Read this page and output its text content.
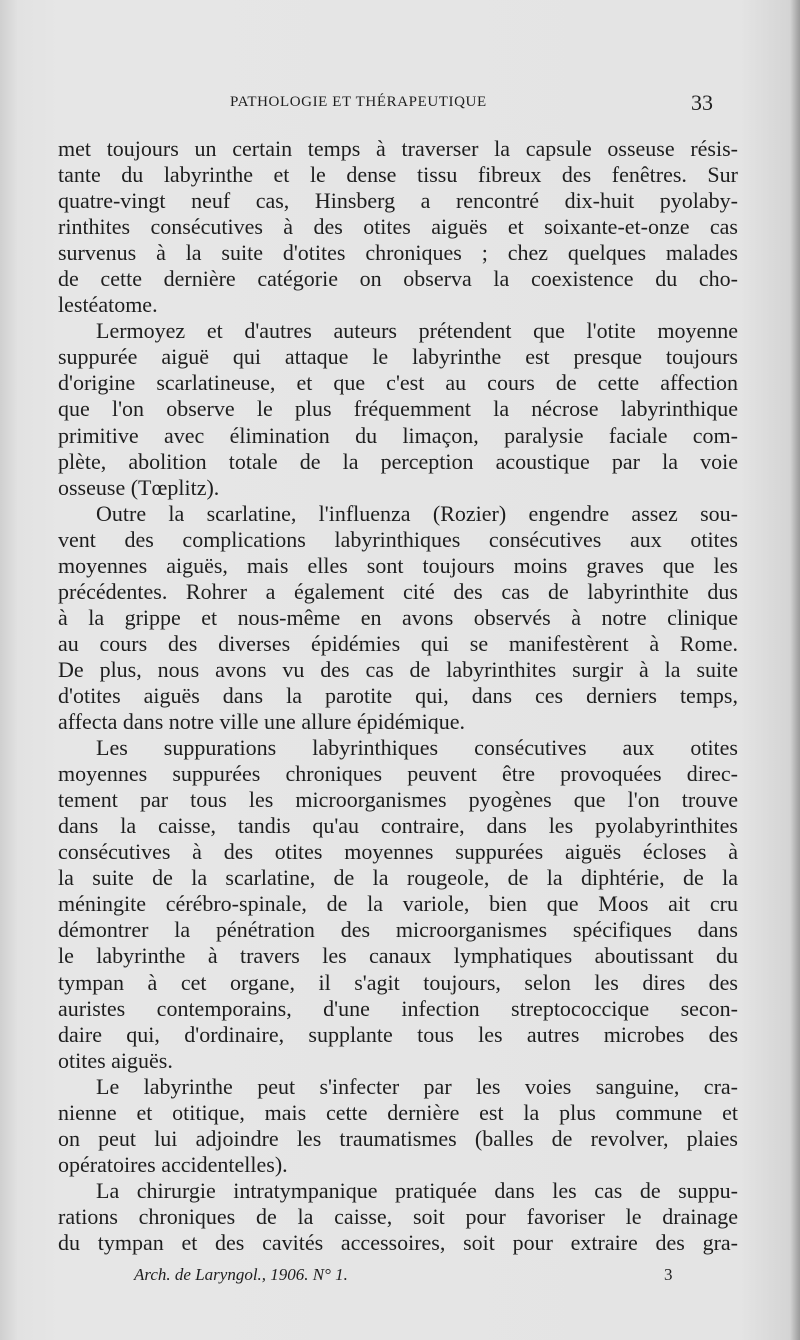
PATHOLOGIE ET THÉRAPEUTIQUE	33
met toujours un certain temps à traverser la capsule osseuse résis-
tante du labyrinthe et le dense tissu fibreux des fenêtres. Sur
quatre-vingt neuf cas, Hinsberg a rencontré dix-huit pyolaby-
rinthites consécutives à des otites aiguës et soixante-et-onze cas
survenus à la suite d'otites chroniques ; chez quelques malades
de cette dernière catégorie on observa la coexistence du cho-
lestéatome.
Lermoyez et d'autres auteurs prétendent que l'otite moyenne
suppurée aiguë qui attaque le labyrinthe est presque toujours
d'origine scarlatineuse, et que c'est au cours de cette affection
que l'on observe le plus fréquemment la nécrose labyrinthique
primitive avec élimination du limaçon, paralysie faciale com-
plète, abolition totale de la perception acoustique par la voie
osseuse (Tœplitz).
Outre la scarlatine, l'influenza (Rozier) engendre assez sou-
vent des complications labyrinthiques consécutives aux otites
moyennes aiguës, mais elles sont toujours moins graves que les
précédentes. Rohrer a également cité des cas de labyrinthite dus
à la grippe et nous-même en avons observés à notre clinique
au cours des diverses épidémies qui se manifestèrent à Rome.
De plus, nous avons vu des cas de labyrinthites surgir à la suite
d'otites aiguës dans la parotite qui, dans ces derniers temps,
affecta dans notre ville une allure épidémique.
Les suppurations labyrinthiques consécutives aux otites
moyennes suppurées chroniques peuvent être provoquées direc-
tement par tous les microorganismes pyogènes que l'on trouve
dans la caisse, tandis qu'au contraire, dans les pyolabyrinthites
consécutives à des otites moyennes suppurées aiguës écloses à
la suite de la scarlatine, de la rougeole, de la diphtérie, de la
méningite cérébro-spinale, de la variole, bien que Moos ait cru
démontrer la pénétration des microorganismes spécifiques dans
le labyrinthe à travers les canaux lymphatiques aboutissant du
tympan à cet organe, il s'agit toujours, selon les dires des
auristes contemporains, d'une infection streptococcique secon-
daire qui, d'ordinaire, supplante tous les autres microbes des
otites aiguës.
Le labyrinthe peut s'infecter par les voies sanguine, cra-
nienne et otitique, mais cette dernière est la plus commune et
on peut lui adjoindre les traumatismes (balles de revolver, plaies
opératoires accidentelles).
La chirurgie intratympanique pratiquée dans les cas de suppu-
rations chroniques de la caisse, soit pour favoriser le drainage
du tympan et des cavités accessoires, soit pour extraire des gra-
Arch. de Laryngol., 1906. N° 1.	3
